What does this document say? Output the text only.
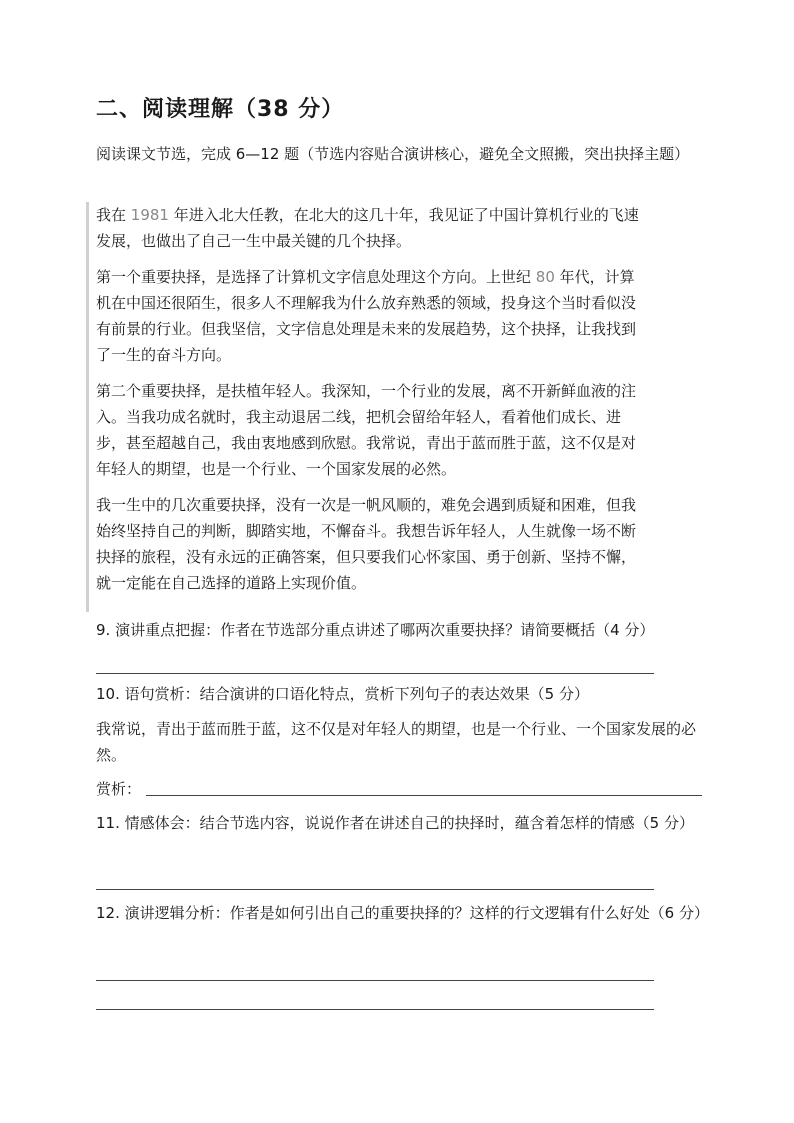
二、阅读理解（38 分）
阅读课文节选，完成 6—12 题（节选内容贴合演讲核心，避免全文照搬，突出抉择主题）

我在 1981 年进入北大任教，在北大的这几十年，我见证了中国计算机行业的飞速发展，也做出了自己一生中最关键的几个抉择。

第一个重要抉择，是选择了计算机文字信息处理这个方向。上世纪 80 年代，计算机在中国还很陌生，很多人不理解我为什么放弃熟悉的领域，投身这个当时看似没有前景的行业。但我坚信，文字信息处理是未来的发展趋势，这个抉择，让我找到了一生的奋斗方向。

第二个重要抉择，是扶植年轻人。我深知，一个行业的发展，离不开新鲜血液的注入。当我功成名就时，我主动退居二线，把机会留给年轻人，看着他们成长、进步，甚至超越自己，我由衷地感到欣慰。我常说，青出于蓝而胜于蓝，这不仅是对年轻人的期望，也是一个行业、一个国家发展的必然。

我一生中的几次重要抉择，没有一次是一帆风顺的，难免会遇到质疑和困难，但我始终坚持自己的判断，脚踏实地，不懈奋斗。我想告诉年轻人，人生就像一场不断抉择的旅程，没有永远的正确答案，但只要我们心怀家国、勇于创新、坚持不懈，就一定能在自己选择的道路上实现价值。

9. 演讲重点把握：作者在节选部分重点讲述了哪两次重要抉择？请简要概括（4 分）
10. 语句赏析：结合演讲的口语化特点，赏析下列句子的表达效果（5 分）
我常说，青出于蓝而胜于蓝，这不仅是对年轻人的期望，也是一个行业、一个国家发展的必然。
赏析：
11. 情感体会：结合节选内容，说说作者在讲述自己的抉择时，蕴含着怎样的情感（5 分）
12. 演讲逻辑分析：作者是如何引出自己的重要抉择的？这样的行文逻辑有什么好处（6 分）
